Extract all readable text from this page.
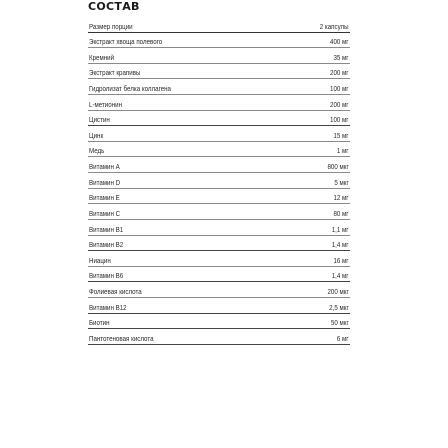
СОСТАВ
Размер порции	2 капсулы
Экстракт хвоща полевого	400 мг
Кремний	35 мг
Экстракт крапивы	200 мг
Гидролизат белка коллагена	100 мг
L-метионин	200 мг
Цистин	100 мг
Цинк	15 мг
Медь	1 мг
Витамин А	800 мкг
Витамин D	5 мкг
Витамин Е	12 мг
Витамин С	80 мг
Витамин В1	1,1 мг
Витамин В2	1,4 мг
Ниацин	16 мг
Витамин В6	1,4 мг
Фолиевая кислота	200 мкг
Витамин В12	2,5 мкг
Биотин	50 мкг
Пантотеновая кислота	6 мг
